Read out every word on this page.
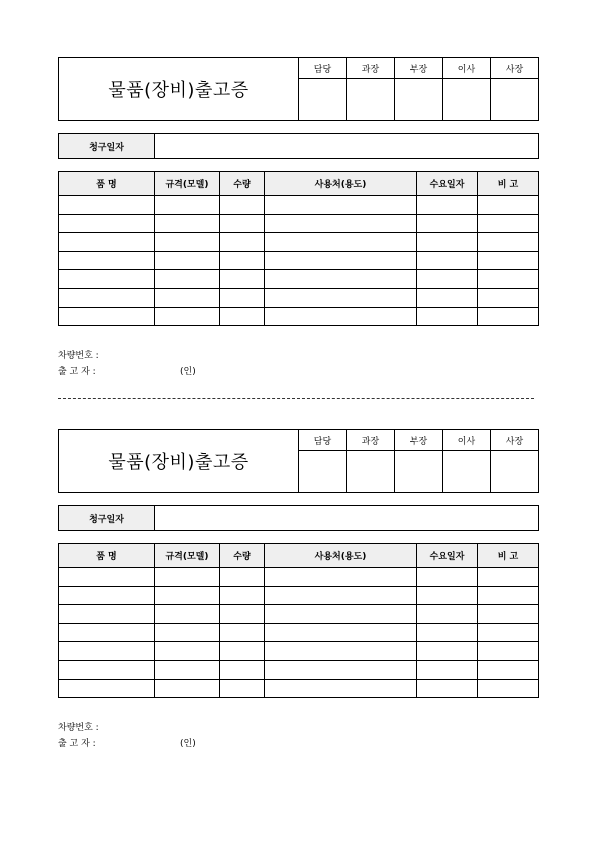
물품(장비)출고증	담당	과장	부장	이사	사장

청구일자	
품 명	규격(모델)	수량	사용처(용도)	수요일자	비 고

차량번호 :
출 고 자 :	(인)
물품(장비)출고증	담당	과장	부장	이사	사장

청구일자	
품 명	규격(모델)	수량	사용처(용도)	수요일자	비 고

차량번호 :
출 고 자 :	(인)
